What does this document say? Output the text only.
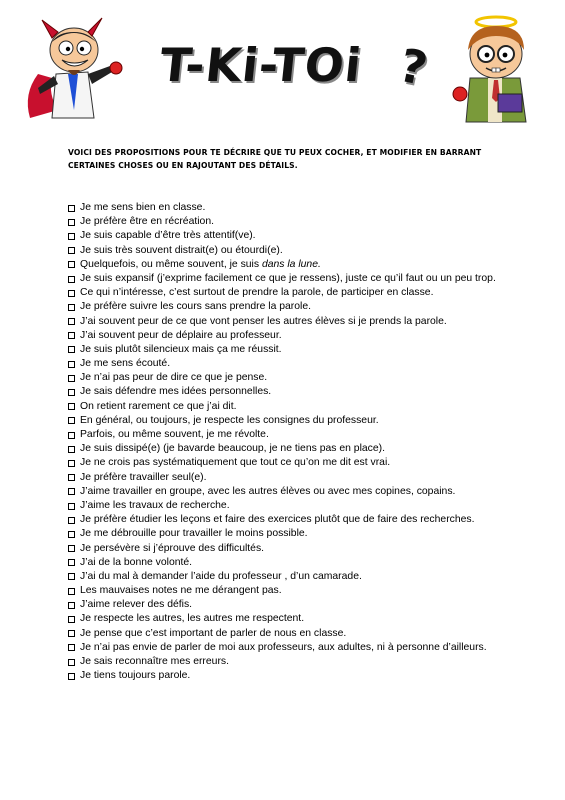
T-Ki-TOi ?
VOICI DES PROPOSITIONS POUR TE DÉCRIRE QUE TU PEUX COCHER, ET MODIFIER EN BARRANT CERTAINES CHOSES OU EN RAJOUTANT DES DÉTAILS.
Je me sens bien en classe.
Je préfère être en récréation.
Je suis capable d’être très attentif(ve).
Je suis très souvent distrait(e) ou étourdi(e).
Quelquefois, ou même souvent, je suis dans la lune.
Je suis expansif (j’exprime facilement ce que je ressens), juste ce qu’il faut ou un peu trop.
Ce qui n’intéresse, c’est surtout de prendre la parole, de participer en classe.
Je préfère suivre les cours sans prendre la parole.
J’ai souvent peur de ce que vont penser les autres élèves si je prends la parole.
J’ai souvent peur de déplaire au professeur.
Je suis plutôt silencieux mais ça me réussit.
Je me sens écouté.
Je n’ai pas peur de dire ce que je pense.
Je sais défendre mes idées personnelles.
On retient rarement ce que j’ai dit.
En général, ou toujours, je respecte les consignes du professeur.
Parfois, ou même souvent, je me révolte.
Je suis dissipé(e) (je bavarde beaucoup, je ne tiens pas en place).
Je ne crois pas systématiquement que tout ce qu’on me dit est vrai.
Je préfère travailler seul(e).
J’aime travailler en groupe, avec les autres élèves ou avec mes copines, copains.
J’aime les travaux de recherche.
Je préfère étudier les leçons et faire des exercices plutôt que de faire des recherches.
Je me débrouille pour travailler le moins possible.
Je persévère si j’éprouve des difficultés.
J’ai de la bonne volonté.
J’ai du mal à demander l’aide du professeur , d’un camarade.
Les mauvaises notes ne me dérangent pas.
J’aime relever des défis.
Je respecte les autres, les autres me respectent.
Je pense que c’est important de parler de nous en classe.
Je n’ai pas envie de parler de moi aux professeurs, aux adultes, ni à personne d’ailleurs.
Je sais reconnaître mes erreurs.
Je tiens toujours parole.
